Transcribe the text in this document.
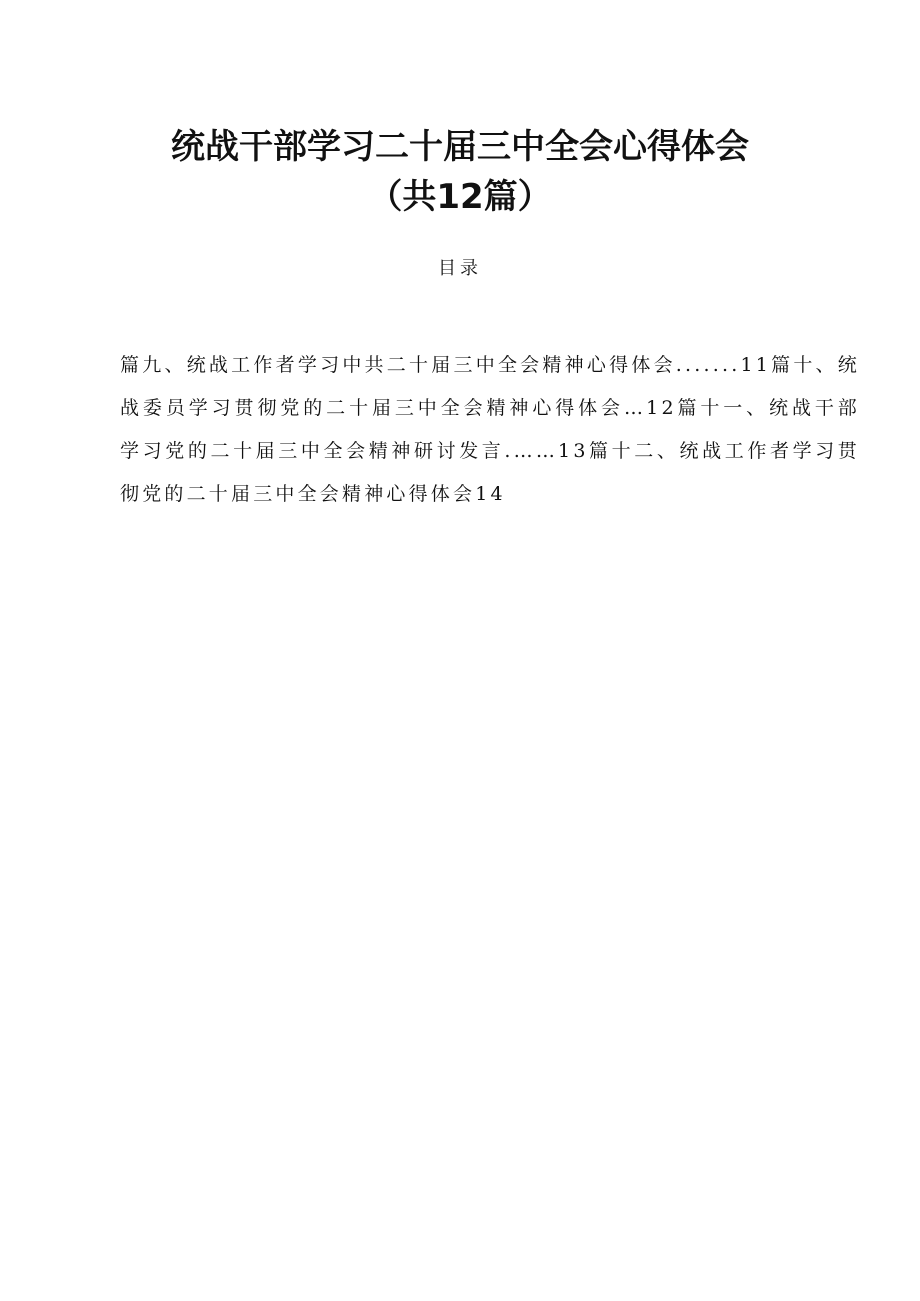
统战干部学习二十届三中全会心得体会（共12篇）
目录

篇九、统战工作者学习中共二十届三中全会精神心得体会.......11篇十、统战委员学习贯彻党的二十届三中全会精神心得体会…12篇十一、统战干部学习党的二十届三中全会精神研讨发言.……13篇十二、统战工作者学习贯彻党的二十届三中全会精神心得体会14
